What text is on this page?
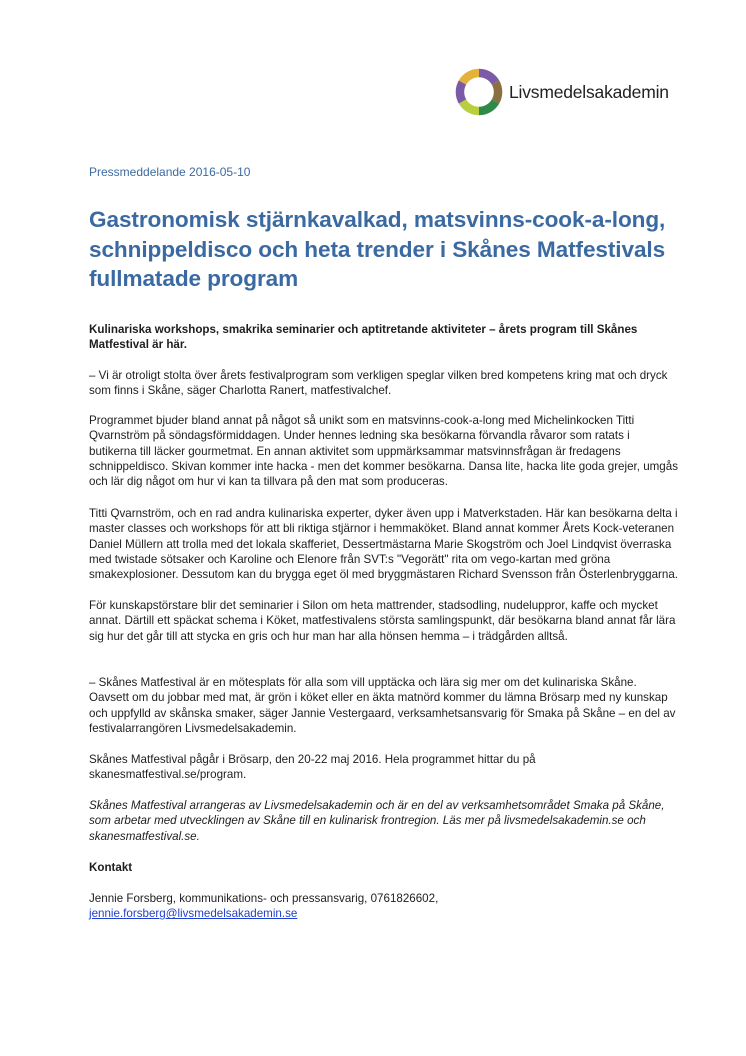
Livsmedelsakademin
Pressmeddelande 2016-05-10
Gastronomisk stjärnkavalkad, matsvinns-cook-a-long, schnippeldisco och heta trender i Skånes Matfestivals fullmatade program

Kulinariska workshops, smakrika seminarier och aptitretande aktiviteter – årets program till Skånes Matfestival är här.

– Vi är otroligt stolta över årets festivalprogram som verkligen speglar vilken bred kompetens kring mat och dryck som finns i Skåne, säger Charlotta Ranert, matfestivalchef.

Programmet bjuder bland annat på något så unikt som en matsvinns-cook-a-long med Michelinkocken Titti Qvarnström på söndagsförmiddagen. Under hennes ledning ska besökarna förvandla råvaror som ratats i butikerna till läcker gourmetmat. En annan aktivitet som uppmärksammar matsvinnsfrågan är fredagens schnippeldisco. Skivan kommer inte hacka - men det kommer besökarna. Dansa lite, hacka lite goda grejer, umgås och lär dig något om hur vi kan ta tillvara på den mat som produceras.

Titti Qvarnström, och en rad andra kulinariska experter, dyker även upp i Matverkstaden. Här kan besökarna delta i master classes och workshops för att bli riktiga stjärnor i hemmaköket. Bland annat kommer Årets Kock-veteranen Daniel Müllern att trolla med det lokala skafferiet, Dessertmästarna Marie Skogström och Joel Lindqvist överraska med twistade sötsaker och Karoline och Elenore från SVT:s "Vegorätt" rita om vego-kartan med gröna smakexplosioner. Dessutom kan du brygga eget öl med bryggmästaren Richard Svensson från Österlenbryggarna.

För kunskapstörstare blir det seminarier i Silon om heta mattrender, stadsodling, nudeluppror, kaffe och mycket annat. Därtill ett späckat schema i Köket, matfestivalens största samlingspunkt, där besökarna bland annat får lära sig hur det går till att stycka en gris och hur man har alla hönsen hemma – i trädgården alltså.

– Skånes Matfestival är en mötesplats för alla som vill upptäcka och lära sig mer om det kulinariska Skåne. Oavsett om du jobbar med mat, är grön i köket eller en äkta matnörd kommer du lämna Brösarp med ny kunskap och uppfylld av skånska smaker, säger Jannie Vestergaard, verksamhetsansvarig för Smaka på Skåne – en del av festivalarrangören Livsmedelsakademin.

Skånes Matfestival pågår i Brösarp, den 20-22 maj 2016. Hela programmet hittar du på skanesmatfestival.se/program.

Skånes Matfestival arrangeras av Livsmedelsakademin och är en del av verksamhetsområdet Smaka på Skåne, som arbetar med utvecklingen av Skåne till en kulinarisk frontregion. Läs mer på livsmedelsakademin.se och skanesmatfestival.se.

Kontakt

Jennie Forsberg, kommunikations- och pressansvarig, 0761826602,
jennie.forsberg@livsmedelsakademin.se
